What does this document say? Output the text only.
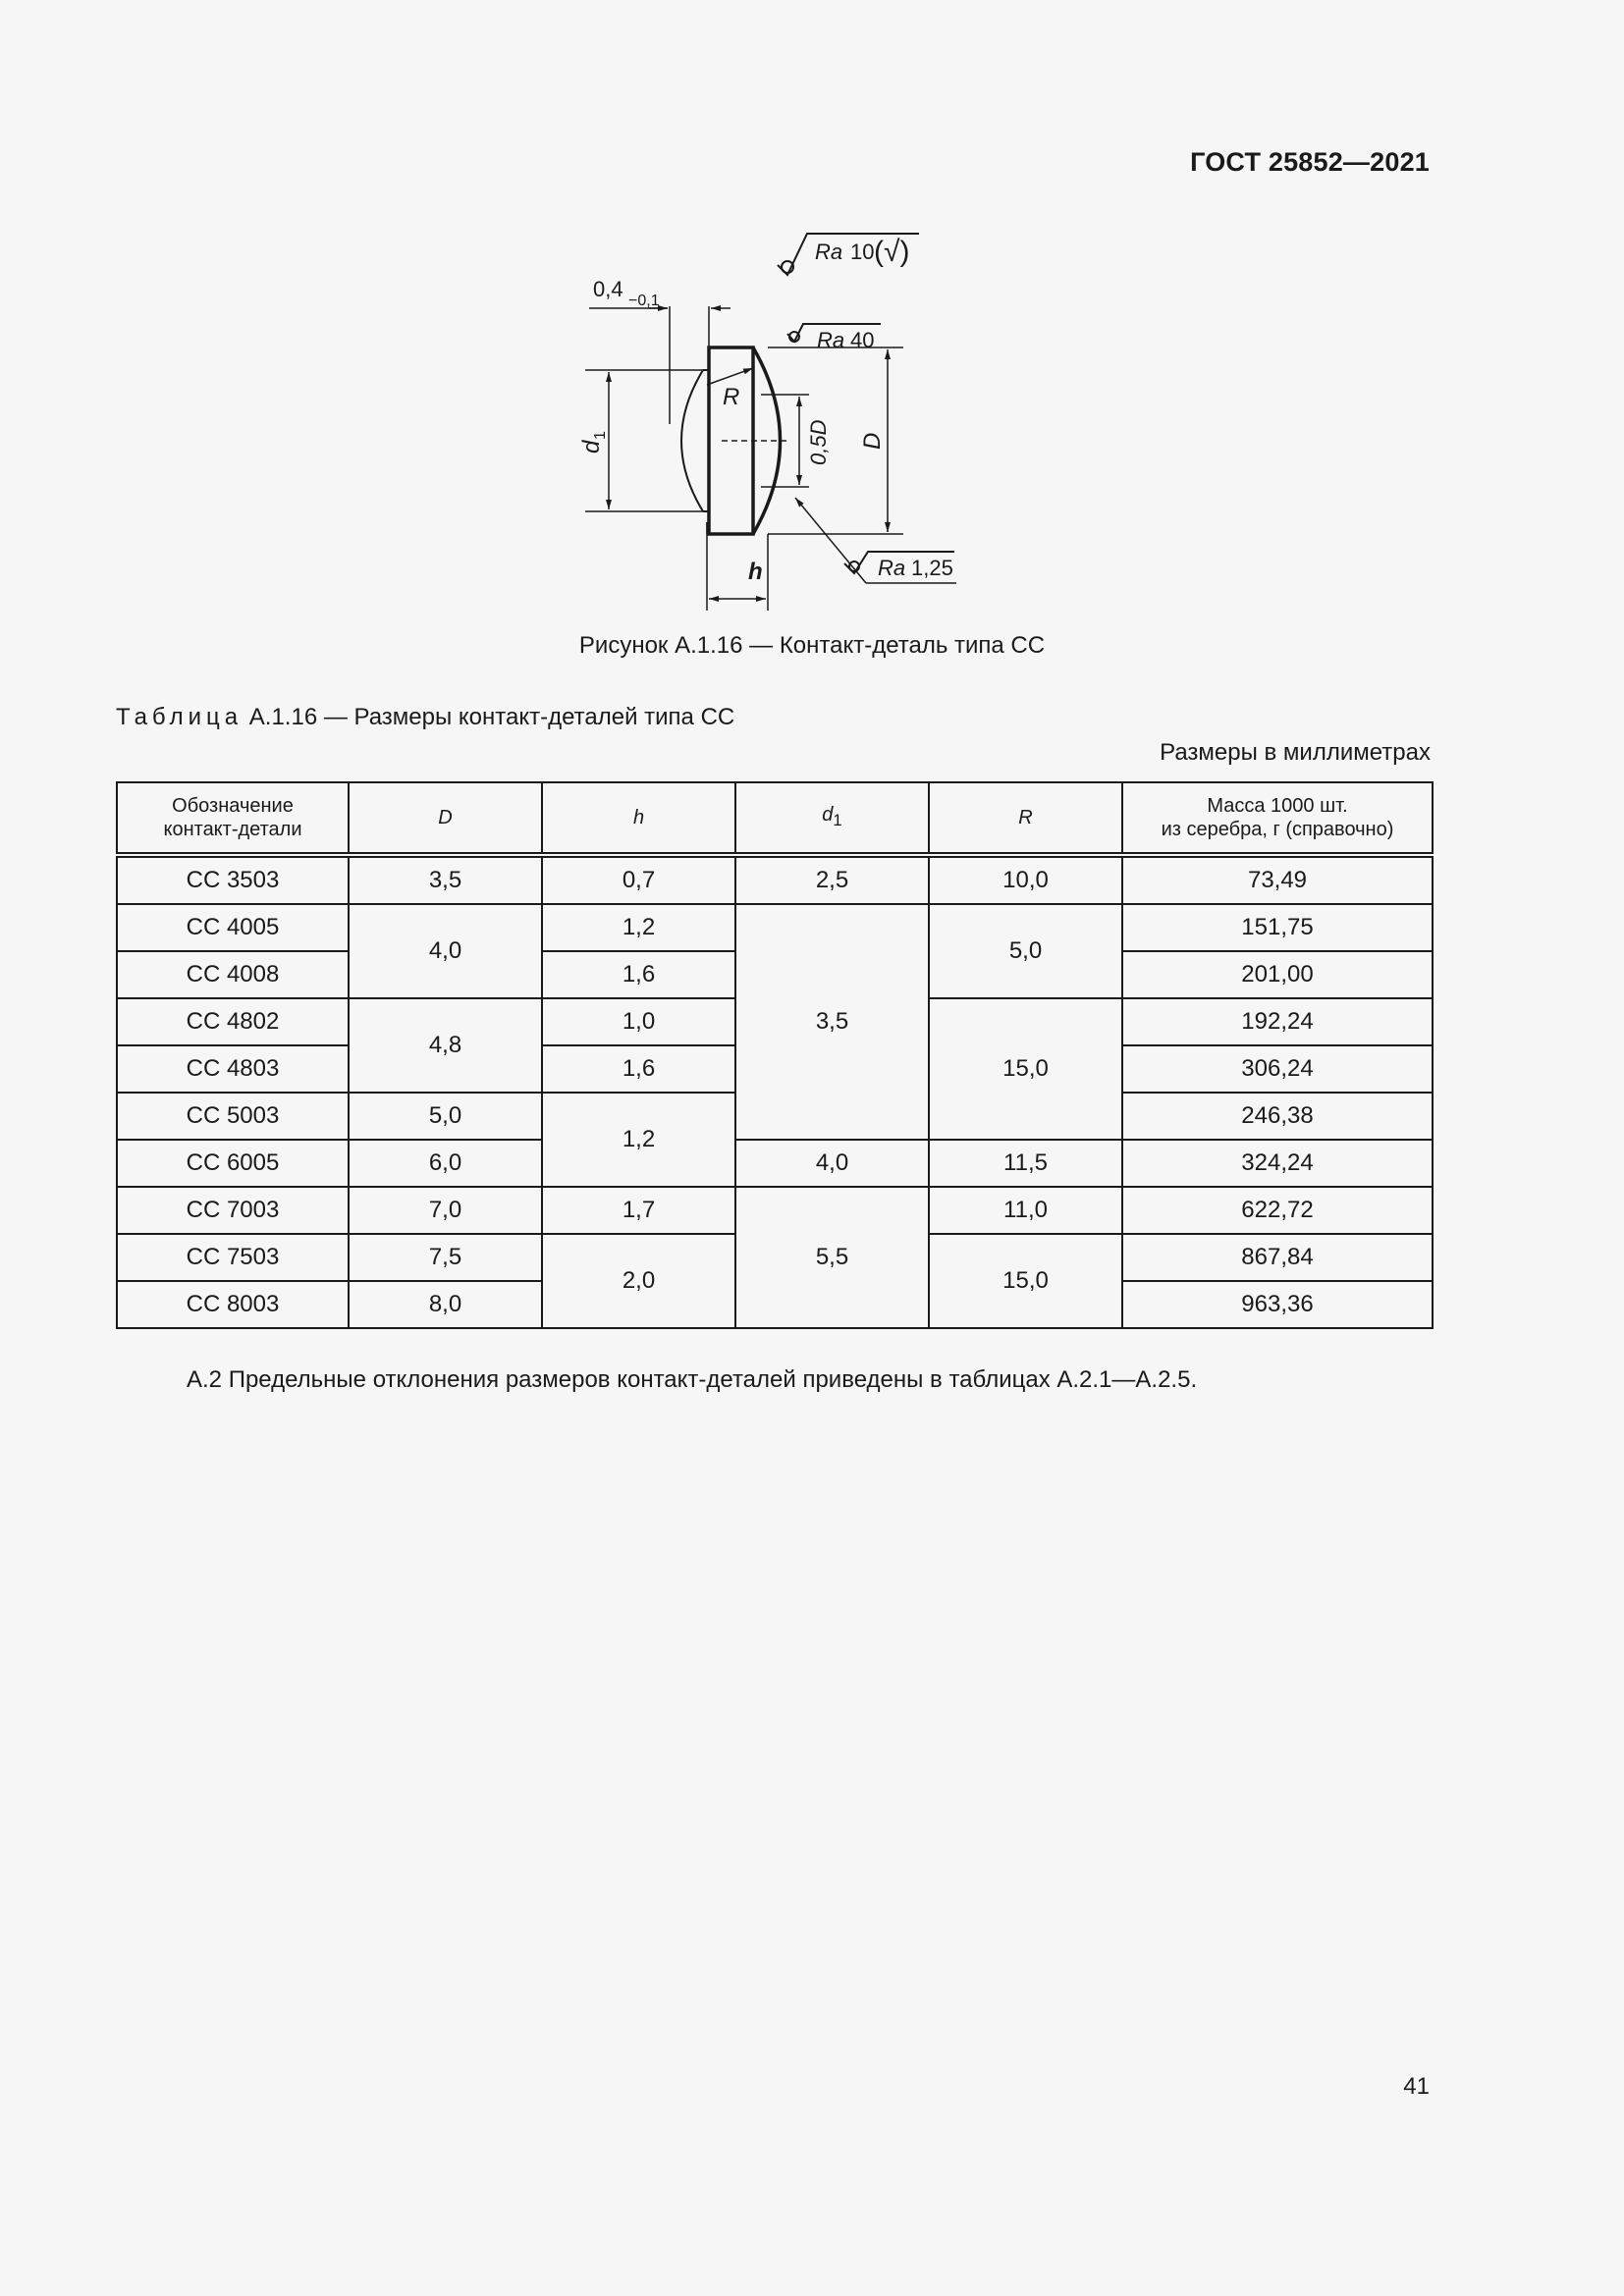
ГОСТ 25852—2021
Ra 10 (√)
Ra 40
Ra 1,25
0,4 −0,1
R
h
d
1	0,5D D
Рисунок А.1.16 — Контакт-деталь типа СС
Таблица А.1.16 — Размеры контакт-деталей типа СС
Размеры в миллиметрах
Обозначение
контакт-детали	D	h	$d_1$	R	Масса 1000 шт.
из серебра, г (справочно)
СС 3503	3,5	0,7	2,5	10,0	73,49
СС 4005	4,0	1,2	3,5	5,0	151,75
СС 4008		1,6			201,00
СС 4802	4,8	1,0		15,0	192,24
СС 4803		1,6			306,24
СС 5003	5,0	1,2			246,38
СС 6005	6,0		4,0	11,5	324,24
СС 7003	7,0	1,7	5,5	11,0	622,72
СС 7503	7,5	2,0		15,0	867,84
СС 8003	8,0				963,36
А.2 Предельные отклонения размеров контакт-деталей приведены в таблицах А.2.1—А.2.5.
41
